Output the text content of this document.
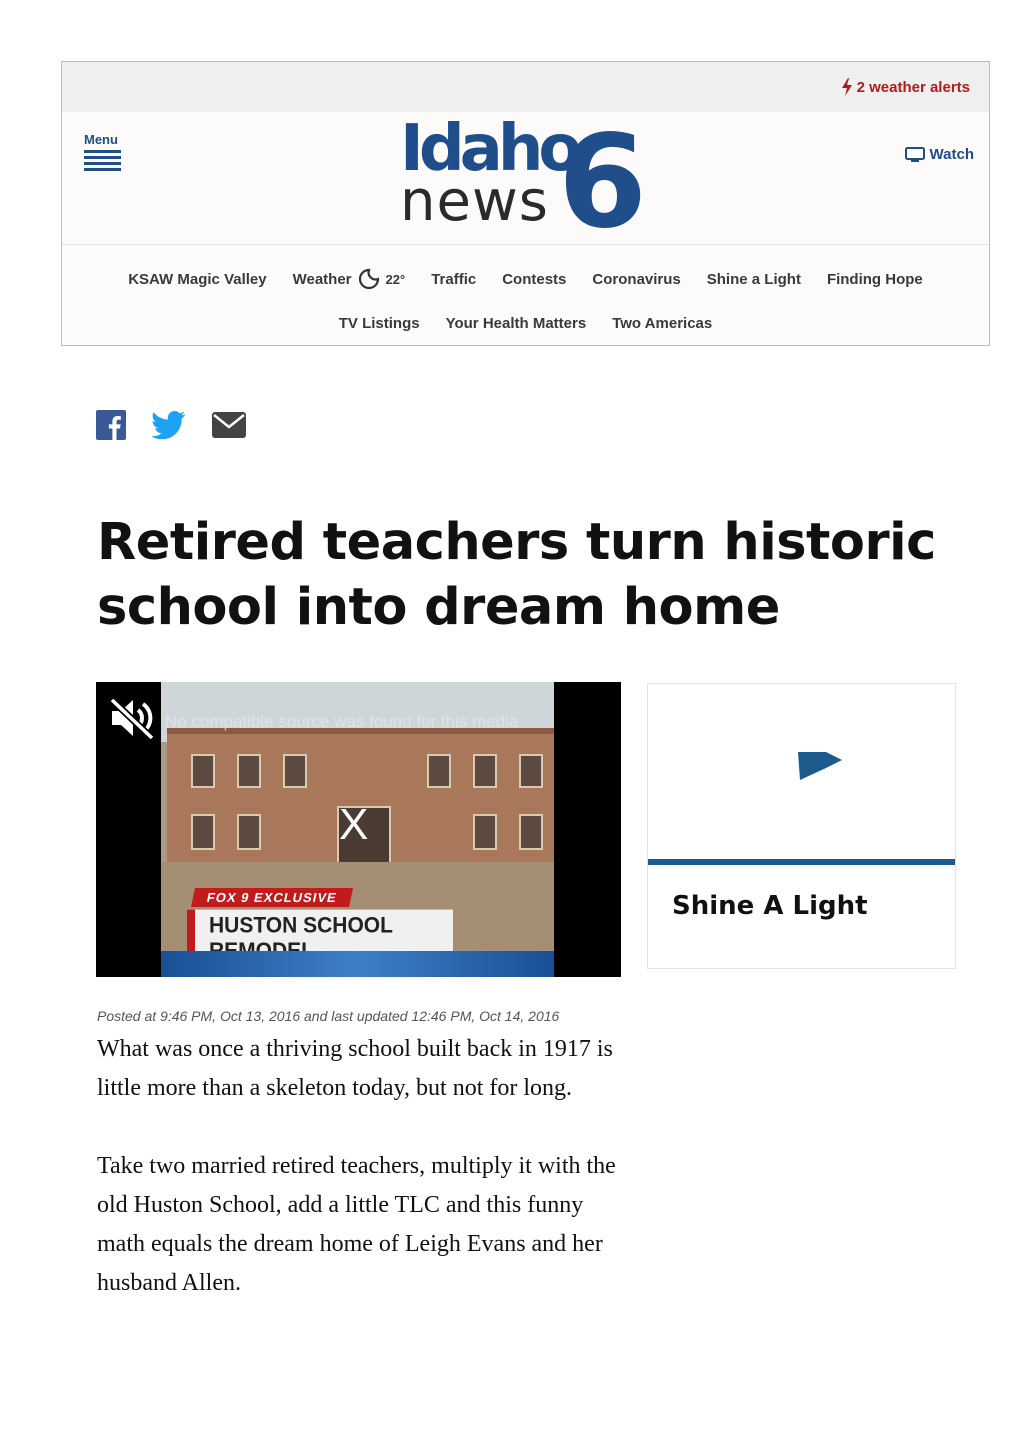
2 weather alerts
Menu	Idaho
news 6	Watch
KSAW Magic Valley Weather	22° Traffic Contests Coronavirus Shine a Light Finding Hope
TV Listings Your Health Matters Two Americas
Retired teachers turn historic school into dream home
FOX 9 EXCLUSIVE
HUSTON SCHOOL
No compatible source was found for this media.
X
Shine A Light
Posted at 9:46 PM, Oct 13, 2016 and last updated 12:46 PM, Oct 14, 2016

What was once a thriving school built back in 1917 is little more than a skeleton today, but not for long.

Take two married retired teachers, multiply it with the old Huston School, add a little TLC and this funny math equals the dream home of Leigh Evans and her husband Allen.
